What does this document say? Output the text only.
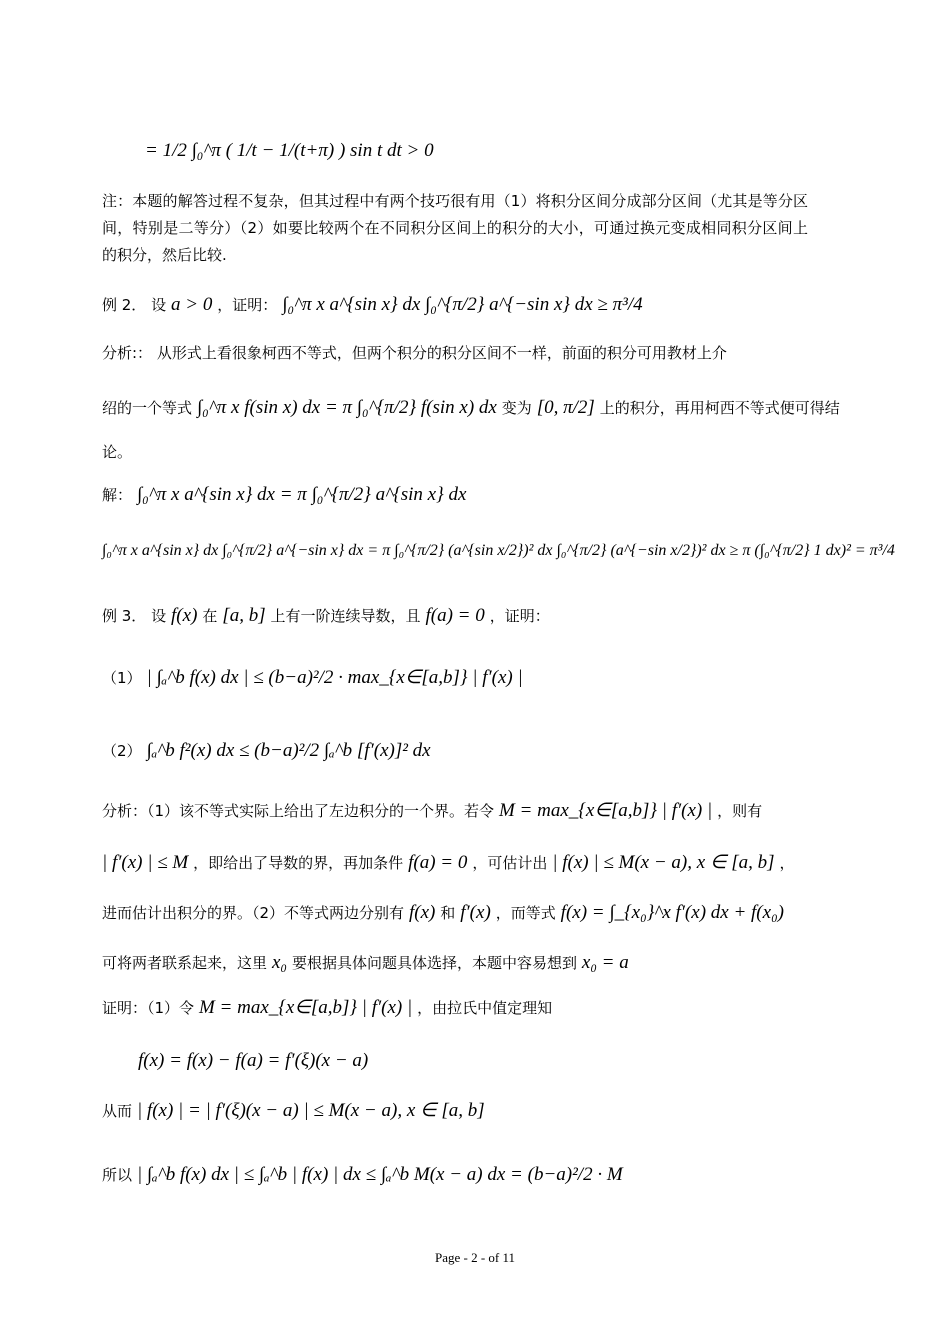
= 1/2 ∫₀^π ( 1/t − 1/(t+π) ) sin t dt > 0
注：本题的解答过程不复杂，但其过程中有两个技巧很有用（1）将积分区间分成部分区间（尤其是等分区间，特别是二等分）（2）如要比较两个在不同积分区间上的积分的大小，可通过换元变成相同积分区间上的积分，然后比较.
例 2． 设 a > 0 ，证明： ∫₀^π x a^{sin x} dx ∫₀^{π/2} a^{−sin x} dx ≥ π³/4
分析:： 从形式上看很象柯西不等式，但两个积分的积分区间不一样，前面的积分可用教材上介
绍的一个等式 ∫₀^π x f(sin x) dx = π ∫₀^{π/2} f(sin x) dx 变为 [0, π/2] 上的积分，再用柯西不等式便可得结
论。
解： ∫₀^π x a^{sin x} dx = π ∫₀^{π/2} a^{sin x} dx
∫₀^π x a^{sin x} dx ∫₀^{π/2} a^{−sin x} dx = π ∫₀^{π/2} (a^{sin x/2})² dx ∫₀^{π/2} (a^{−sin x/2})² dx ≥ π (∫₀^{π/2} 1 dx)² = π³/4
例 3． 设 f(x) 在 [a, b] 上有一阶连续导数，且 f(a) = 0 ，证明：
（1） | ∫ₐ^b f(x) dx | ≤ (b−a)²/2 · max_{x∈[a,b]} | f′(x) |
（2） ∫ₐ^b f²(x) dx ≤ (b−a)²/2 ∫ₐ^b [f′(x)]² dx
分析：（1）该不等式实际上给出了左边积分的一个界。若令 M = max_{x∈[a,b]} | f′(x) | ，则有
| f′(x) | ≤ M ，即给出了导数的界，再加条件 f(a) = 0 ，可估计出 | f(x) | ≤ M(x − a), x ∈ [a, b] ，
进而估计出积分的界。（2）不等式两边分别有 f(x) 和 f′(x) ，而等式 f(x) = ∫_{x₀}^x f′(x) dx + f(x₀)
可将两者联系起来，这里 x₀ 要根据具体问题具体选择，本题中容易想到 x₀ = a
证明：（1）令 M = max_{x∈[a,b]} | f′(x) | ，由拉氏中值定理知
f(x) = f(x) − f(a) = f′(ξ)(x − a)
从而 | f(x) | = | f′(ξ)(x − a) | ≤ M(x − a), x ∈ [a, b]
所以 | ∫ₐ^b f(x) dx | ≤ ∫ₐ^b | f(x) | dx ≤ ∫ₐ^b M(x − a) dx = (b−a)²/2 · M
Page - 2 - of 11
